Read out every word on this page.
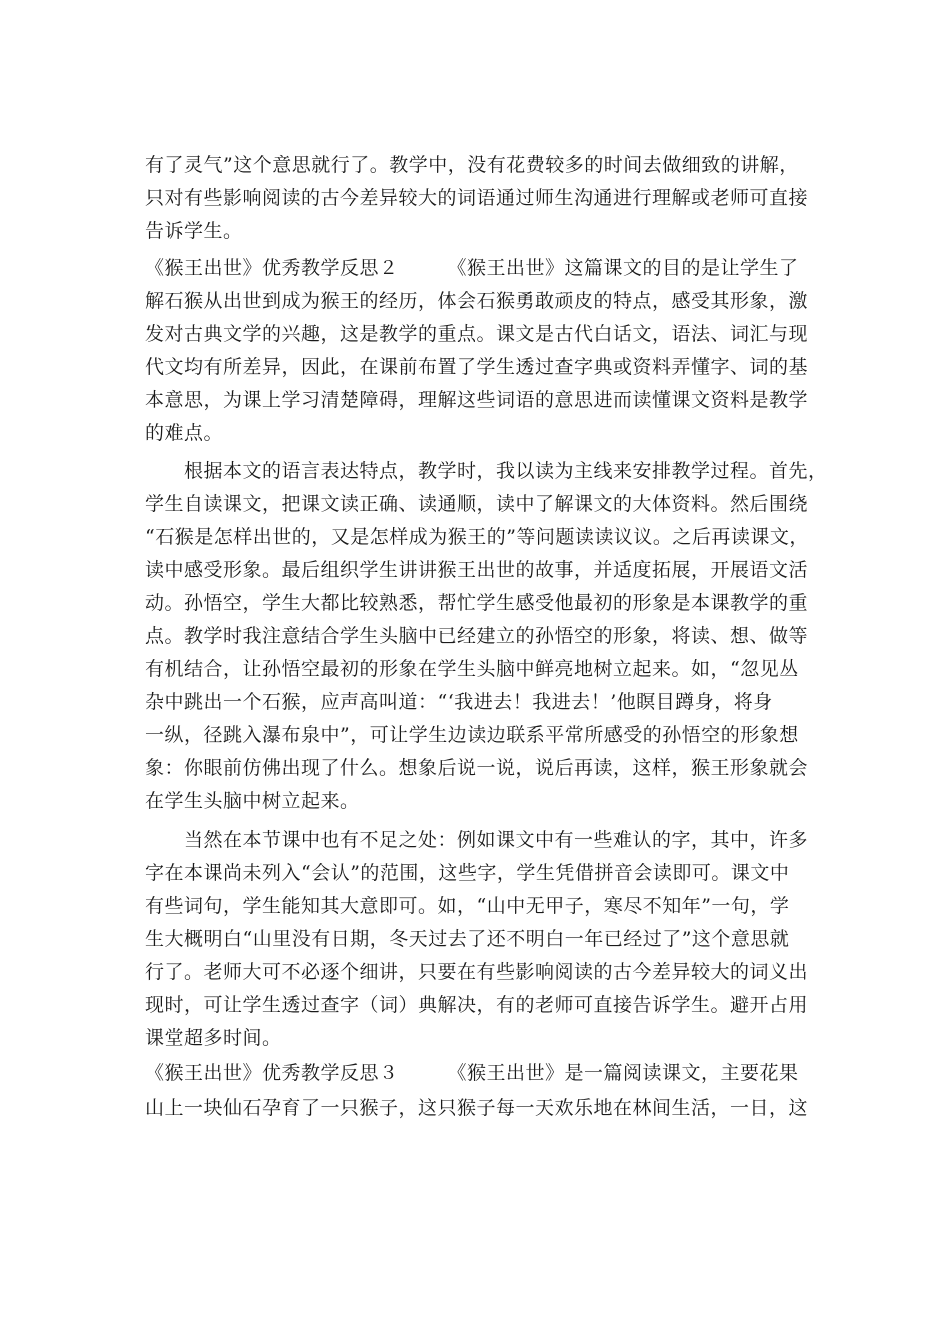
有了灵气”这个意思就行了。教学中，没有花费较多的时间去做细致的讲解，
只对有些影响阅读的古今差异较大的词语通过师生沟通进行理解或老师可直接
告诉学生。
《猴王出世》优秀教学反思２　　　《猴王出世》这篇课文的目的是让学生了
解石猴从出世到成为猴王的经历，体会石猴勇敢顽皮的特点，感受其形象，激
发对古典文学的兴趣，这是教学的重点。课文是古代白话文，语法、词汇与现
代文均有所差异，因此，在课前布置了学生透过查字典或资料弄懂字、词的基
本意思，为课上学习清楚障碍，理解这些词语的意思进而读懂课文资料是教学
的难点。
　　根据本文的语言表达特点，教学时，我以读为主线来安排教学过程。首先，
学生自读课文，把课文读正确、读通顺，读中了解课文的大体资料。然后围绕
“石猴是怎样出世的，又是怎样成为猴王的”等问题读读议议。之后再读课文，
读中感受形象。最后组织学生讲讲猴王出世的故事，并适度拓展，开展语文活
动。孙悟空，学生大都比较熟悉，帮忙学生感受他最初的形象是本课教学的重
点。教学时我注意结合学生头脑中已经建立的孙悟空的形象，将读、想、做等
有机结合，让孙悟空最初的形象在学生头脑中鲜亮地树立起来。如，“忽见丛
杂中跳出一个石猴，应声高叫道：“‘我进去！我进去！’他瞑目蹲身，将身
一纵，径跳入瀑布泉中”，可让学生边读边联系平常所感受的孙悟空的形象想
象：你眼前仿佛出现了什么。想象后说一说，说后再读，这样，猴王形象就会
在学生头脑中树立起来。
　　当然在本节课中也有不足之处：例如课文中有一些难认的字，其中，许多
字在本课尚未列入“会认”的范围，这些字，学生凭借拼音会读即可。课文中
有些词句，学生能知其大意即可。如，“山中无甲子，寒尽不知年”一句，学
生大概明白“山里没有日期，冬天过去了还不明白一年已经过了”这个意思就
行了。老师大可不必逐个细讲，只要在有些影响阅读的古今差异较大的词义出
现时，可让学生透过查字（词）典解决，有的老师可直接告诉学生。避开占用
课堂超多时间。
《猴王出世》优秀教学反思３　　　《猴王出世》是一篇阅读课文，主要花果
山上一块仙石孕育了一只猴子，这只猴子每一天欢乐地在林间生活，一日，这
